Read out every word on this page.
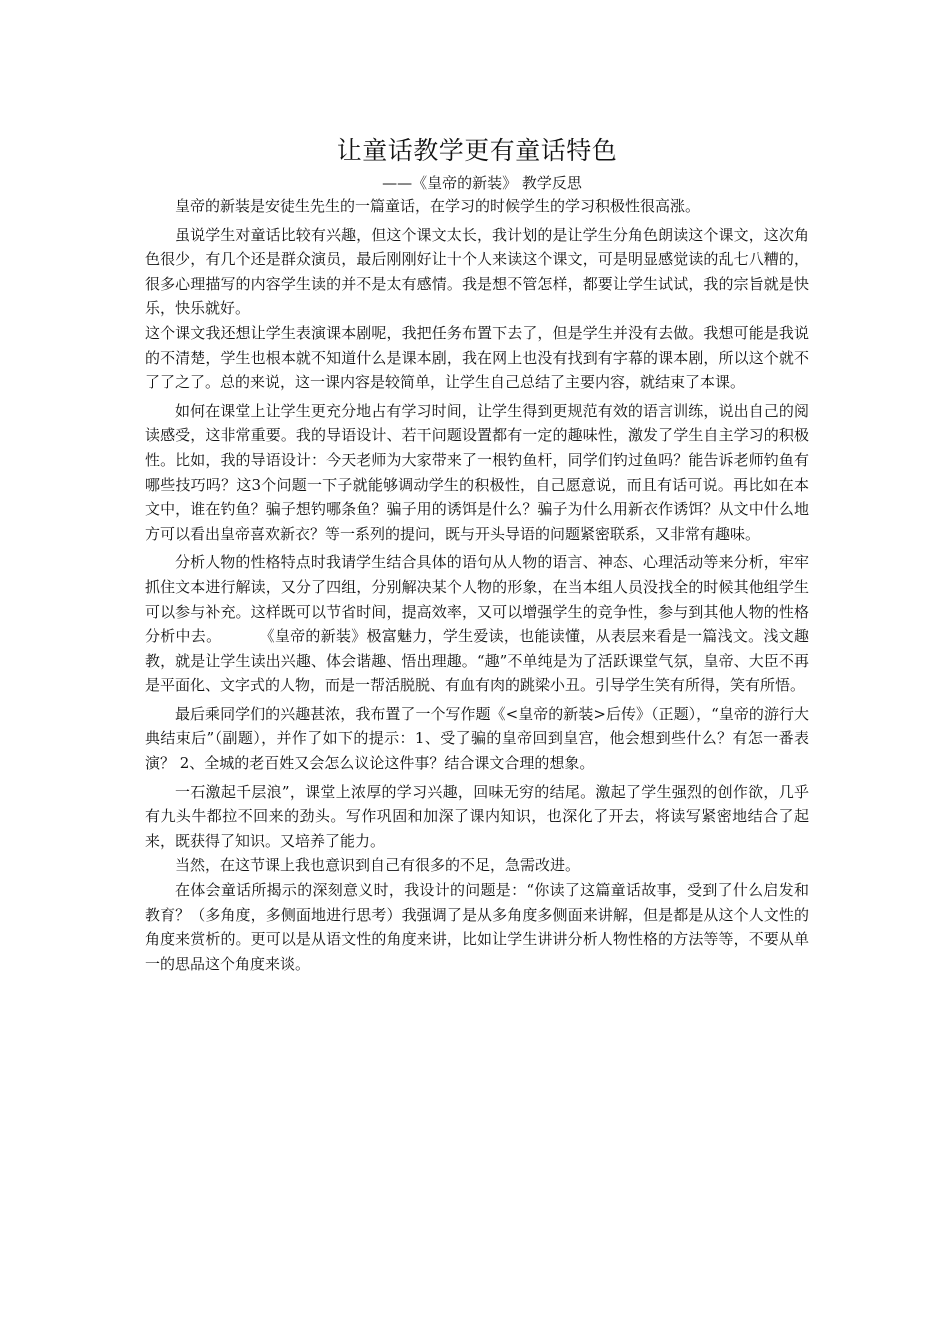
让童话教学更有童话特色
——《皇帝的新装》 教学反思

皇帝的新装是安徒生先生的一篇童话，在学习的时候学生的学习积极性很高涨。

虽说学生对童话比较有兴趣，但这个课文太长，我计划的是让学生分角色朗读这个课文，这次角色很少，有几个还是群众演员，最后刚刚好让十个人来读这个课文，可是明显感觉读的乱七八糟的，很多心理描写的内容学生读的并不是太有感情。我是想不管怎样，都要让学生试试，我的宗旨就是快乐，快乐就好。

这个课文我还想让学生表演课本剧呢，我把任务布置下去了，但是学生并没有去做。我想可能是我说的不清楚，学生也根本就不知道什么是课本剧，我在网上也没有找到有字幕的课本剧，所以这个就不了了之了。总的来说，这一课内容是较简单，让学生自己总结了主要内容，就结束了本课。

如何在课堂上让学生更充分地占有学习时间，让学生得到更规范有效的语言训练，说出自己的阅读感受，这非常重要。我的导语设计、若干问题设置都有一定的趣味性，激发了学生自主学习的积极性。比如，我的导语设计：今天老师为大家带来了一根钓鱼杆，同学们钓过鱼吗？能告诉老师钓鱼有哪些技巧吗？这3个问题一下子就能够调动学生的积极性，自己愿意说，而且有话可说。再比如在本文中，谁在钓鱼？骗子想钓哪条鱼？骗子用的诱饵是什么？骗子为什么用新衣作诱饵？从文中什么地方可以看出皇帝喜欢新衣？等一系列的提问，既与开头导语的问题紧密联系，又非常有趣味。

分析人物的性格特点时我请学生结合具体的语句从人物的语言、神态、心理活动等来分析，牢牢抓住文本进行解读，又分了四组，分别解决某个人物的形象，在当本组人员没找全的时候其他组学生可以参与补充。这样既可以节省时间，提高效率，又可以增强学生的竞争性，参与到其他人物的性格分析中去。	《皇帝的新装》极富魅力，学生爱读，也能读懂，从表层来看是一篇浅文。浅文趣教，就是让学生读出兴趣、体会谐趣、悟出理趣。“趣”不单纯是为了活跃课堂气氛，皇帝、大臣不再是平面化、文字式的人物，而是一帮活脱脱、有血有肉的跳梁小丑。引导学生笑有所得，笑有所悟。

最后乘同学们的兴趣甚浓，我布置了一个写作题《<皇帝的新装>后传》（正题），“皇帝的游行大典结束后”（副题），并作了如下的提示：1、受了骗的皇帝回到皇宫，他会想到些什么？有怎一番表演？ 2、全城的老百姓又会怎么议论这件事？结合课文合理的想象。

一石激起千层浪”，课堂上浓厚的学习兴趣，回味无穷的结尾。激起了学生强烈的创作欲，几乎有九头牛都拉不回来的劲头。写作巩固和加深了课内知识，也深化了开去，将读写紧密地结合了起来，既获得了知识。又培养了能力。

当然，在这节课上我也意识到自己有很多的不足，急需改进。

在体会童话所揭示的深刻意义时，我设计的问题是：“你读了这篇童话故事，受到了什么启发和教育？（多角度，多侧面地进行思考）我强调了是从多角度多侧面来讲解，但是都是从这个人文性的角度来赏析的。更可以是从语文性的角度来讲，比如让学生讲讲分析人物性格的方法等等，不要从单一的思品这个角度来谈。
